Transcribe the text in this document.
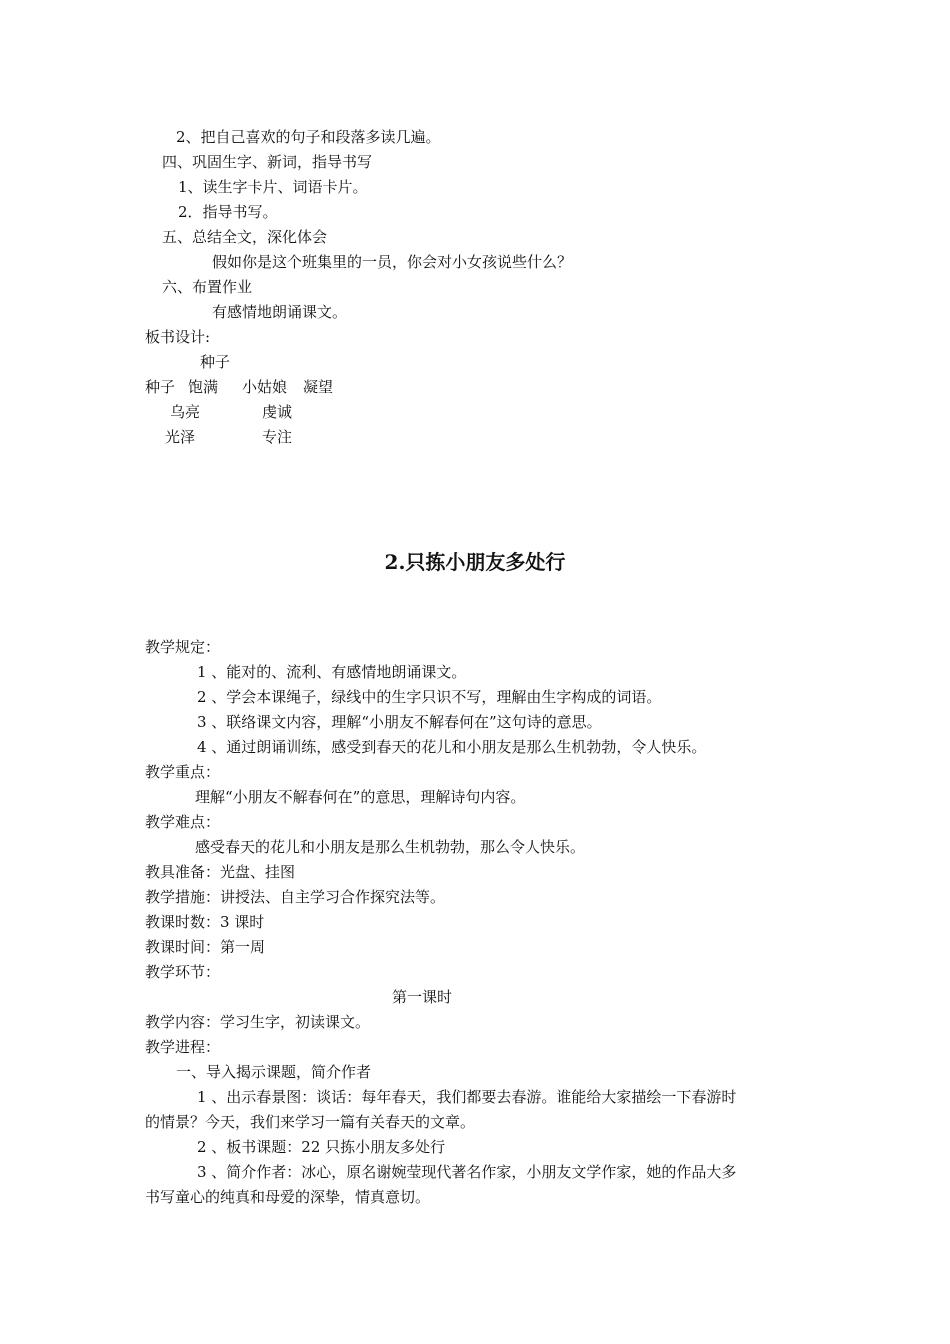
2、把自己喜欢的句子和段落多读几遍。

四、巩固生字、新词，指导书写

1、读生字卡片、词语卡片。

2．指导书写。

五、总结全文，深化体会

假如你是这个班集里的一员，你会对小女孩说些什么？

六、布置作业

有感情地朗诵课文。

板书设计:

种子

种子 饱满 小姑娘 凝望

乌亮	虔诚

光泽	专注

2.只拣小朋友多处行

教学规定：

1 、能对的、流利、有感情地朗诵课文。

2 、学会本课绳子，绿线中的生字只识不写，理解由生字构成的词语。

3 、联络课文内容，理解“小朋友不解春何在”这句诗的意思。

4 、通过朗诵训练，感受到春天的花儿和小朋友是那么生机勃勃，令人快乐。

教学重点：

理解“小朋友不解春何在”的意思，理解诗句内容。

教学难点：

感受春天的花儿和小朋友是那么生机勃勃，那么令人快乐。

教具准备：光盘、挂图

教学措施：讲授法、自主学习合作探究法等。

教课时数：3 课时

教课时间：第一周

教学环节：

第一课时

教学内容：学习生字，初读课文。

教学进程：

一、导入揭示课题，简介作者

1 、出示春景图：谈话：每年春天，我们都要去春游。谁能给大家描绘一下春游时

的情景？今天，我们来学习一篇有关春天的文章。

2 、板书课题：22 只拣小朋友多处行

3 、简介作者：冰心，原名谢婉莹现代著名作家，小朋友文学作家，她的作品大多

书写童心的纯真和母爱的深挚，情真意切。
